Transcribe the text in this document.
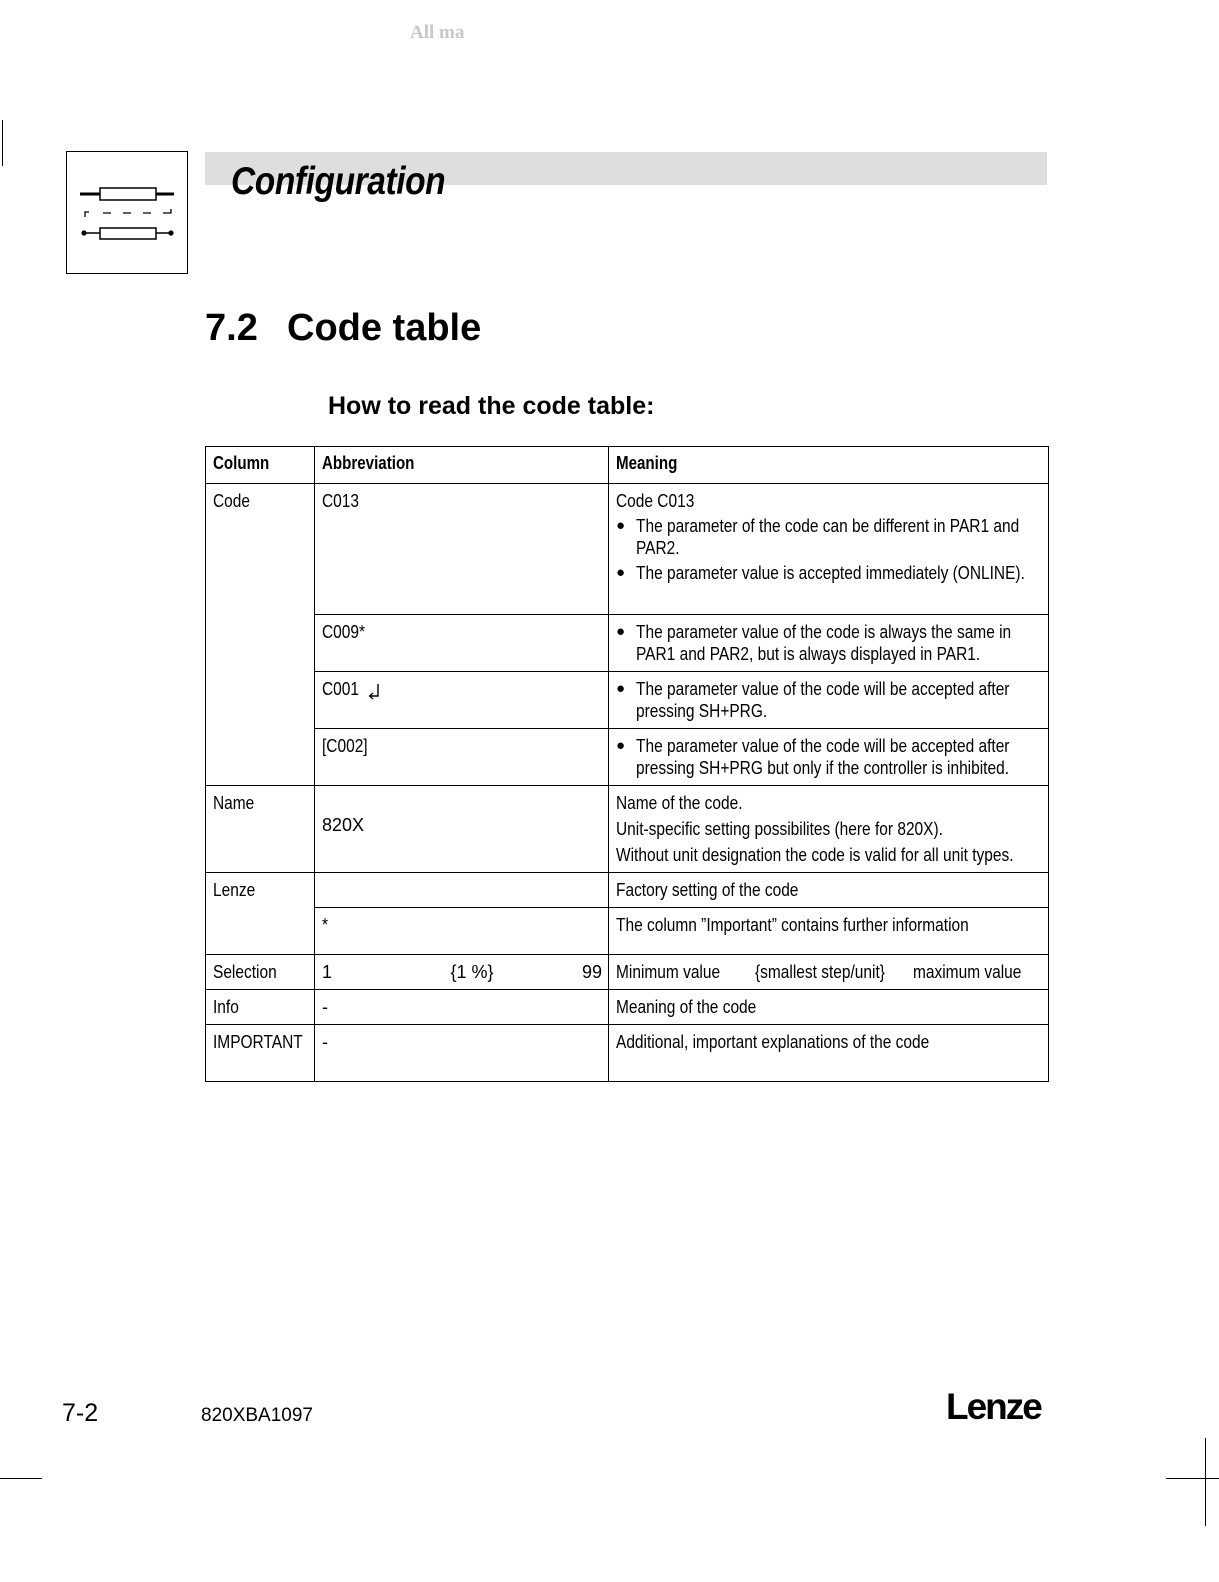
All ma
Configuration
7.2 Code table
How to read the code table:
Column	Abbreviation	Meaning
Code	C013	Code C013
● The parameter of the code can be different in PAR1 and PAR2.
● The parameter value is accepted immediately (ONLINE).

	C009*	● The parameter value of the code is always the same in PAR1 and PAR2, but is always displayed in PAR1.

	C001	● The parameter value of the code will be accepted after pressing SH+PRG.

	[C002]	● The parameter value of the code will be accepted after pressing SH+PRG but only if the controller is inhibited.

Name	820X	Name of the code.
Unit-specific setting possibilites (here for 820X).
Without unit designation the code is valid for all unit types.

Lenze		Factory setting of the code
	*	The column ”Important” contains further information
Selection	1 {1 %} 99	Minimum value {smallest step/unit} maximum value

Info	-	Meaning of the code
IMPORTANT	-	Additional, important explanations of the code
7-2	820XBA1097	Lenze
